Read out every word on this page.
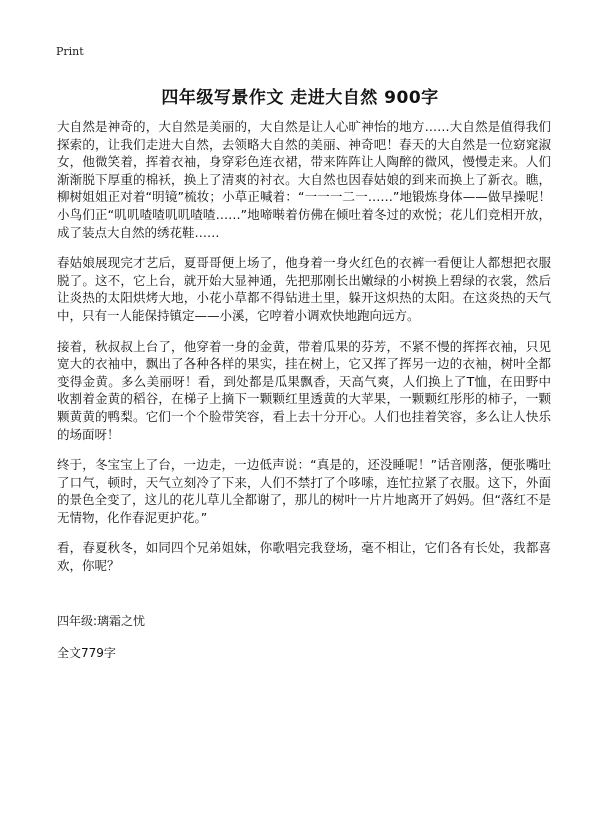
Print
四年级写景作文 走进大自然 900字

大自然是神奇的，大自然是美丽的，大自然是让人心旷神怡的地方……大自然是值得我们探索的，让我们走进大自然，去领略大自然的美丽、神奇吧！春天的大自然是一位窈窕淑女，他微笑着，挥着衣袖，身穿彩色连衣裙，带来阵阵让人陶醉的微风，慢慢走来。人们渐渐脱下厚重的棉袄，换上了清爽的衬衣。大自然也因春姑娘的到来而换上了新衣。瞧，柳树姐姐正对着“明镜”梳妆；小草正喊着：“一一一二一……”地锻炼身体——做早操呢！小鸟们正“叽叽喳喳叽叽喳喳……”地啼啭着仿佛在倾吐着冬过的欢悦；花儿们竞相开放，成了装点大自然的绣花鞋……

春姑娘展现完才艺后，夏哥哥便上场了，他身着一身火红色的衣裤一看便让人都想把衣服脱了。这不，它上台，就开始大显神通，先把那刚长出嫩绿的小树换上碧绿的衣裳，然后让炎热的太阳烘烤大地，小花小草都不得钻进土里，躲开这炽热的太阳。在这炎热的天气中，只有一人能保持镇定——小溪，它哼着小调欢快地跑向远方。

接着，秋叔叔上台了，他穿着一身的金黄，带着瓜果的芬芳，不紧不慢的挥挥衣袖，只见宽大的衣袖中，飘出了各种各样的果实，挂在树上，它又挥了挥另一边的衣袖，树叶全都变得金黄。多么美丽呀！看，到处都是瓜果飘香，天高气爽，人们换上了T恤，在田野中收割着金黄的稻谷，在梯子上摘下一颗颗红里透黄的大苹果，一颗颗红彤彤的柿子，一颗颗黄黄的鸭梨。它们一个个脸带笑容，看上去十分开心。人们也挂着笑容，多么让人快乐的场面呀！

终于，冬宝宝上了台，一边走，一边低声说：“真是的，还没睡呢！”话音刚落，便张嘴吐了口气，顿时，天气立刻冷了下来，人们不禁打了个哆嗦，连忙拉紧了衣服。这下，外面的景色全变了，这儿的花儿草儿全都谢了，那儿的树叶一片片地离开了妈妈。但“落红不是无情物，化作春泥更护花。”

看，春夏秋冬，如同四个兄弟姐妹，你歌唱完我登场，毫不相让，它们各有长处，我都喜欢，你呢？

四年级:璃霜之忧
全文779字
